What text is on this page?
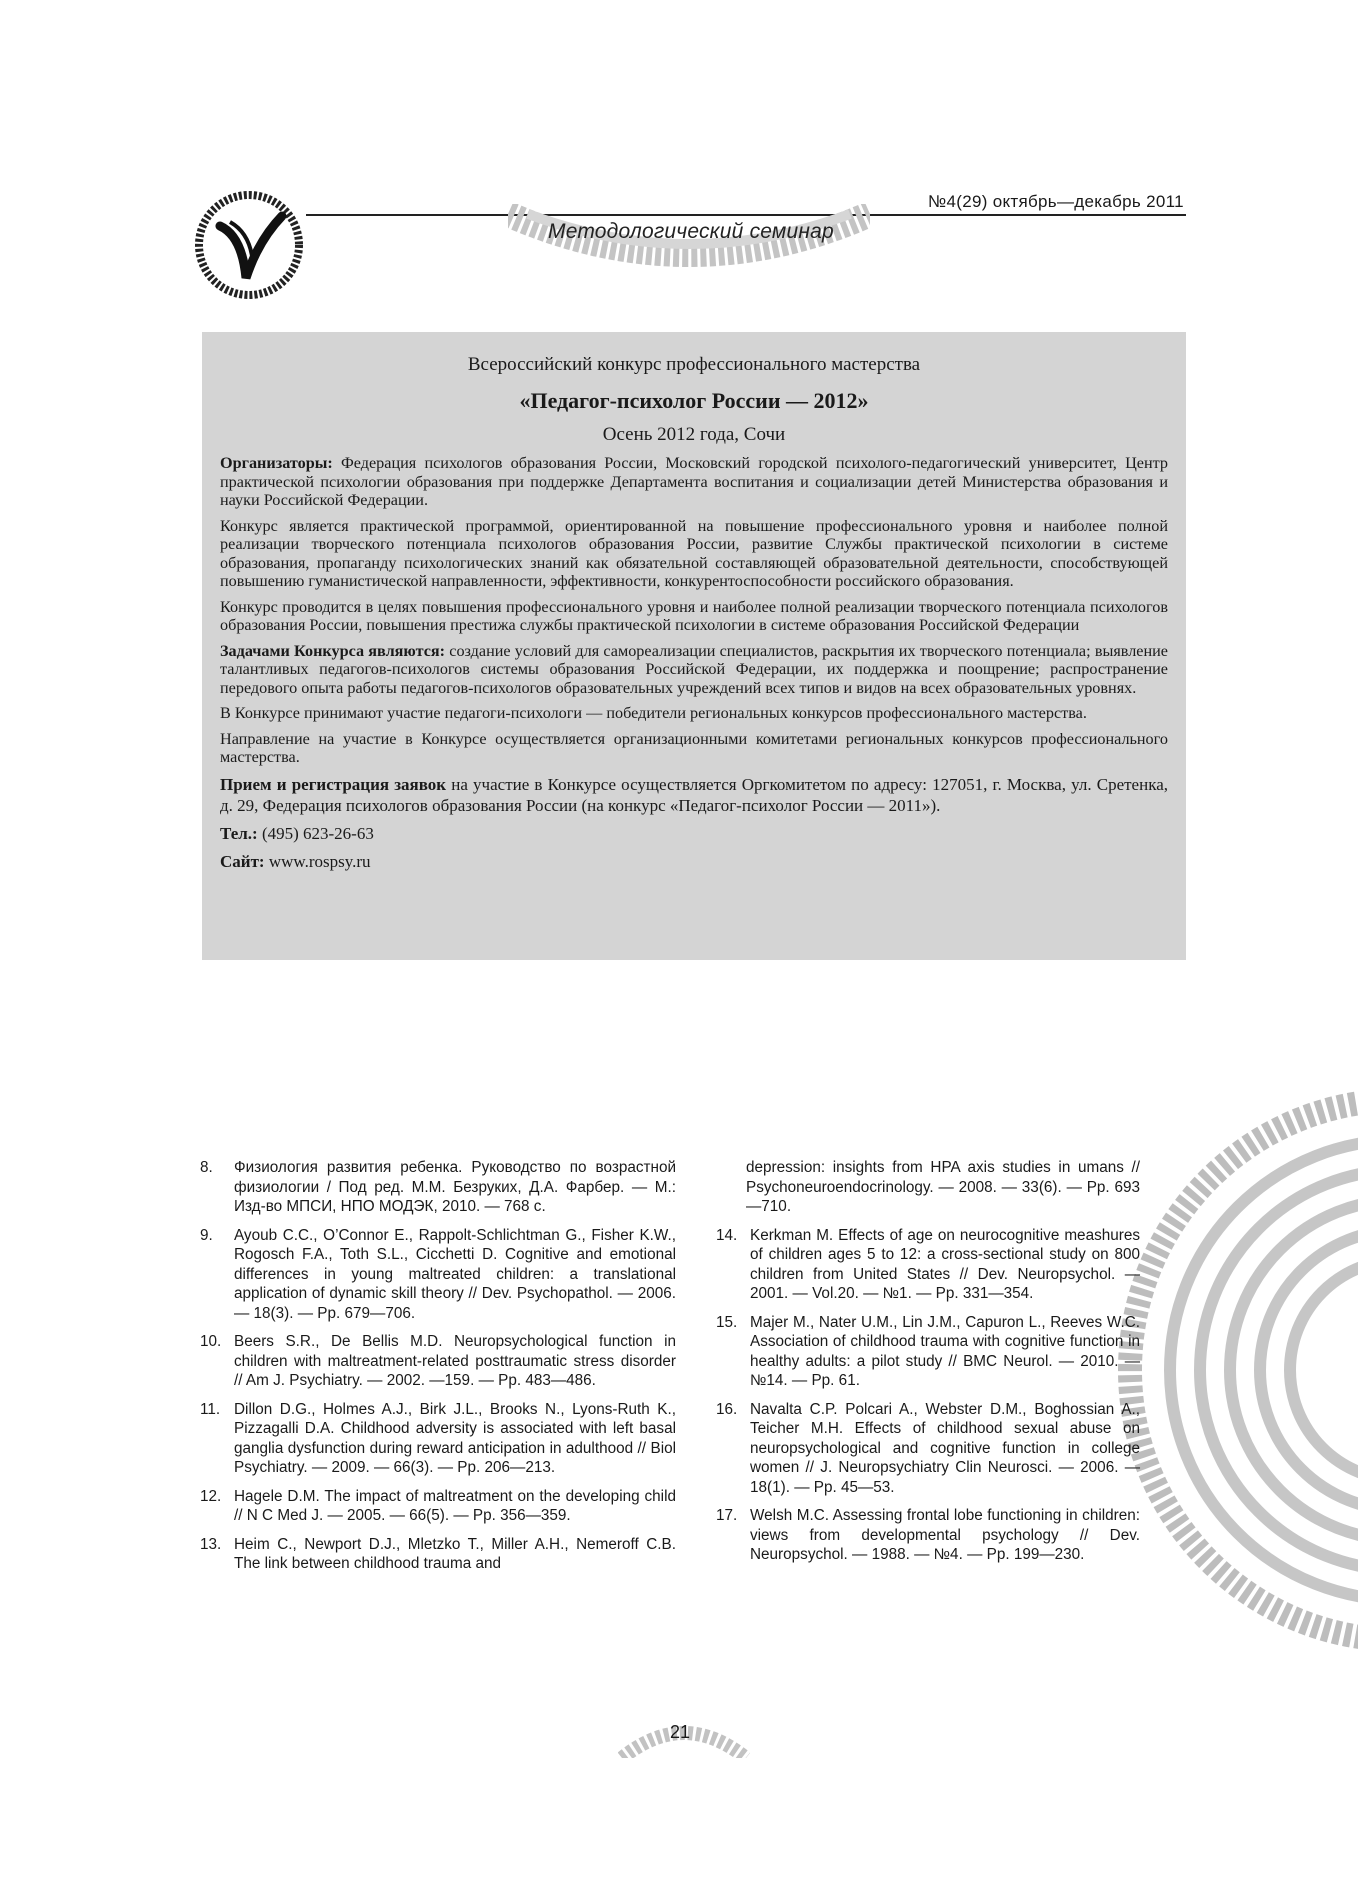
№4(29) октябрь—декабрь 2011
Методологический семинар
Всероссийский конкурс профессионального мастерства
«Педагог-психолог России — 2012»
Осень 2012 года, Сочи

Организаторы: Федерация психологов образования России, Московский городской психолого-педагогический университет, Центр практической психологии образования при поддержке Департамента воспитания и социализации детей Министерства образования и науки Российской Федерации.

Конкурс является практической программой, ориентированной на повышение профессионального уровня и наиболее полной реализации творческого потенциала психологов образования России, развитие Службы практической психологии в системе образования, пропаганду психологических знаний как обязательной составляющей образовательной деятельности, способствующей повышению гуманистической направленности, эффективности, конкурентоспособности российского образования.

Конкурс проводится в целях повышения профессионального уровня и наиболее полной реализации творческого потенциала психологов образования России, повышения престижа службы практической психологии в системе образования Российской Федерации

Задачами Конкурса являются: создание условий для самореализации специалистов, раскрытия их творческого потенциала; выявление талантливых педагогов-психологов системы образования Российской Федерации, их поддержка и поощрение; распространение передового опыта работы педагогов-психологов образовательных учреждений всех типов и видов на всех образовательных уровнях.

В Конкурсе принимают участие педагоги-психологи — победители региональных конкурсов профессионального мастерства.

Направление на участие в Конкурсе осуществляется организационными комитетами региональных конкурсов профессионального мастерства.

Прием и регистрация заявок на участие в Конкурсе осуществляется Оргкомитетом по адресу: 127051, г. Москва, ул. Сретенка, д. 29, Федерация психологов образования России (на конкурс «Педагог-психолог России — 2011»).

Тел.: (495) 623-26-63

Сайт: www.rospsy.ru

8. Физиология развития ребенка. Руководство по возрастной физиологии / Под ред. М.М. Безруких, Д.А. Фарбер. — М.: Изд-во МПСИ, НПО МОДЭК, 2010. — 768 с.
9. Ayoub C.C., O’Connor E., Rappolt-Schlichtman G., Fisher K.W., Rogosch F.A., Toth S.L., Cicchetti D. Cognitive and emotional differences in young maltreated children: a translational application of dynamic skill theory // Dev. Psychopathol. — 2006. — 18(3). — Pp. 679—706.
10. Beers S.R., De Bellis M.D. Neuropsychological function in children with maltreatment-related posttraumatic stress disorder // Am J. Psychiatry. — 2002. —159. — Pp. 483—486.
11. Dillon D.G., Holmes A.J., Birk J.L., Brooks N., Lyons-Ruth K., Pizzagalli D.A. Childhood adversity is associated with left basal ganglia dysfunction during reward anticipation in adulthood // Biol Psychiatry. — 2009. — 66(3). — Pp. 206—213.
12. Hagele D.M. The impact of maltreatment on the developing child // N C Med J. — 2005. — 66(5). — Pp. 356—359.
13. Heim C., Newport D.J., Mletzko T., Miller A.H., Nemeroff C.B. The link between childhood trauma and
depression: insights from HPA axis studies in umans // Psychoneuroendocrinology. — 2008. — 33(6). — Pp. 693—710.
14. Kerkman M. Effects of age on neurocognitive meashures of children ages 5 to 12: a cross-sectional study on 800 children from United States // Dev. Neuropsychol. — 2001. — Vol.20. — №1. — Pp. 331—354.
15. Majer M., Nater U.M., Lin J.M., Capuron L., Reeves W.C. Association of childhood trauma with cognitive function in healthy adults: a pilot study // BMC Neurol. — 2010. — №14. — Pp. 61.
16. Navalta C.P. Polcari A., Webster D.M., Boghossian A., Teicher M.H. Effects of childhood sexual abuse on neuropsychological and cognitive function in college women // J. Neuropsychiatry Clin Neurosci. — 2006. — 18(1). — Pp. 45—53.
17. Welsh M.C. Assessing frontal lobe functioning in children: views from developmental psychology // Dev. Neuropsychol. — 1988. — №4. — Pp. 199—230.
21
